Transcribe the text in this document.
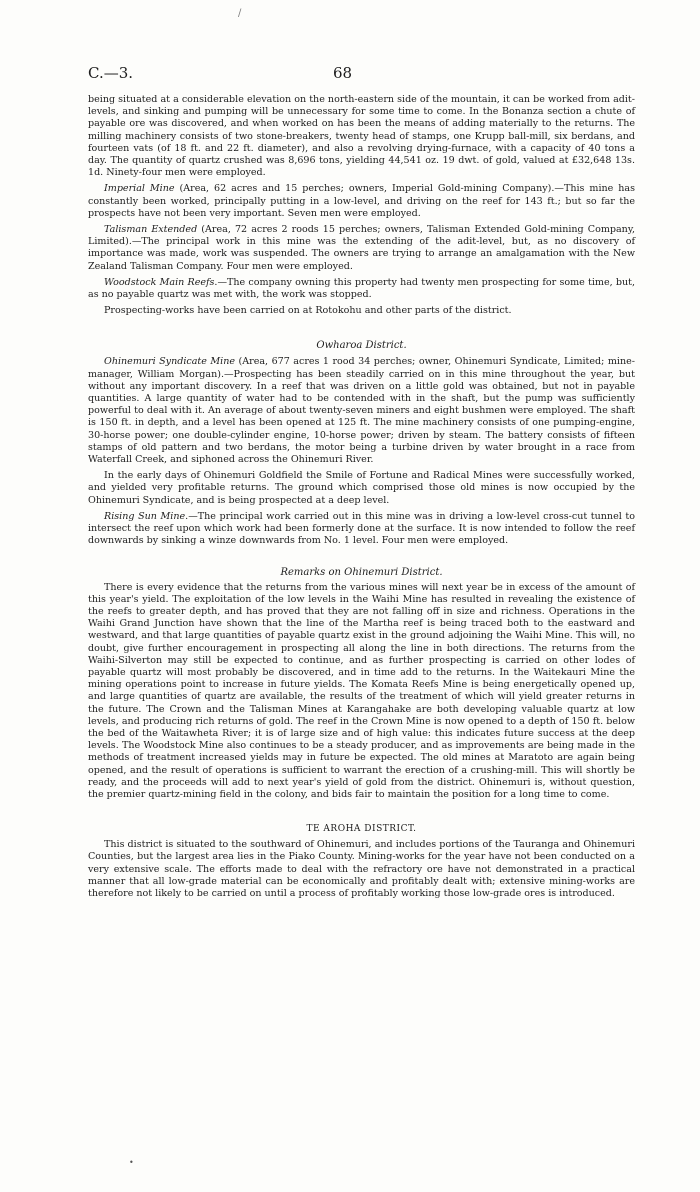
/
C.—3.	68

being situated at a considerable elevation on the north-eastern side of the mountain, it can be worked from adit-levels, and sinking and pumping will be unnecessary for some time to come. In the Bonanza section a chute of payable ore was discovered, and when worked on has been the means of adding materially to the returns. The milling machinery consists of two stone-breakers, twenty head of stamps, one Krupp ball-mill, six berdans, and fourteen vats (of 18 ft. and 22 ft. diameter), and also a revolving drying-furnace, with a capacity of 40 tons a day. The quantity of quartz crushed was 8,696 tons, yielding 44,541 oz. 19 dwt. of gold, valued at £32,648 13s. 1d. Ninety-four men were employed.

Imperial Mine (Area, 62 acres and 15 perches; owners, Imperial Gold-mining Company).—This mine has constantly been worked, principally putting in a low-level, and driving on the reef for 143 ft.; but so far the prospects have not been very important. Seven men were employed.

Talisman Extended (Area, 72 acres 2 roods 15 perches; owners, Talisman Extended Gold-mining Company, Limited).—The principal work in this mine was the extending of the adit-level, but, as no discovery of importance was made, work was suspended. The owners are trying to arrange an amalgamation with the New Zealand Talisman Company. Four men were employed.

Woodstock Main Reefs.—The company owning this property had twenty men prospecting for some time, but, as no payable quartz was met with, the work was stopped.

Prospecting-works have been carried on at Rotokohu and other parts of the district.

Owharoa District.

Ohinemuri Syndicate Mine (Area, 677 acres 1 rood 34 perches; owner, Ohinemuri Syndicate, Limited; mine-manager, William Morgan).—Prospecting has been steadily carried on in this mine throughout the year, but without any important discovery. In a reef that was driven on a little gold was obtained, but not in payable quantities. A large quantity of water had to be contended with in the shaft, but the pump was sufficiently powerful to deal with it. An average of about twenty-seven miners and eight bushmen were employed. The shaft is 150 ft. in depth, and a level has been opened at 125 ft. The mine machinery consists of one pumping-engine, 30-horse power; one double-cylinder engine, 10-horse power; driven by steam. The battery consists of fifteen stamps of old pattern and two berdans, the motor being a turbine driven by water brought in a race from Waterfall Creek, and siphoned across the Ohinemuri River.

In the early days of Ohinemuri Goldfield the Smile of Fortune and Radical Mines were successfully worked, and yielded very profitable returns. The ground which comprised those old mines is now occupied by the Ohinemuri Syndicate, and is being prospected at a deep level.

Rising Sun Mine.—The principal work carried out in this mine was in driving a low-level cross-cut tunnel to intersect the reef upon which work had been formerly done at the surface. It is now intended to follow the reef downwards by sinking a winze downwards from No. 1 level. Four men were employed.

Remarks on Ohinemuri District.

There is every evidence that the returns from the various mines will next year be in excess of the amount of this year's yield. The exploitation of the low levels in the Waihi Mine has resulted in revealing the existence of the reefs to greater depth, and has proved that they are not falling off in size and richness. Operations in the Waihi Grand Junction have shown that the line of the Martha reef is being traced both to the eastward and westward, and that large quantities of payable quartz exist in the ground adjoining the Waihi Mine. This will, no doubt, give further encouragement in prospecting all along the line in both directions. The returns from the Waihi-Silverton may still be expected to continue, and as further prospecting is carried on other lodes of payable quartz will most probably be discovered, and in time add to the returns. In the Waitekauri Mine the mining operations point to increase in future yields. The Komata Reefs Mine is being energetically opened up, and large quantities of quartz are available, the results of the treatment of which will yield greater returns in the future. The Crown and the Talisman Mines at Karangahake are both developing valuable quartz at low levels, and producing rich returns of gold. The reef in the Crown Mine is now opened to a depth of 150 ft. below the bed of the Waitawheta River; it is of large size and of high value: this indicates future success at the deep levels. The Woodstock Mine also continues to be a steady producer, and as improvements are being made in the methods of treatment increased yields may in future be expected. The old mines at Maratoto are again being opened, and the result of operations is sufficient to warrant the erection of a crushing-mill. This will shortly be ready, and the proceeds will add to next year's yield of gold from the district. Ohinemuri is, without question, the premier quartz-mining field in the colony, and bids fair to maintain the position for a long time to come.

TE AROHA DISTRICT.

This district is situated to the southward of Ohinemuri, and includes portions of the Tauranga and Ohinemuri Counties, but the largest area lies in the Piako County. Mining-works for the year have not been conducted on a very extensive scale. The efforts made to deal with the refractory ore have not demonstrated in a practical manner that all low-grade material can be economically and profitably dealt with; extensive mining-works are therefore not likely to be carried on until a process of profitably working those low-grade ores is introduced.

•
